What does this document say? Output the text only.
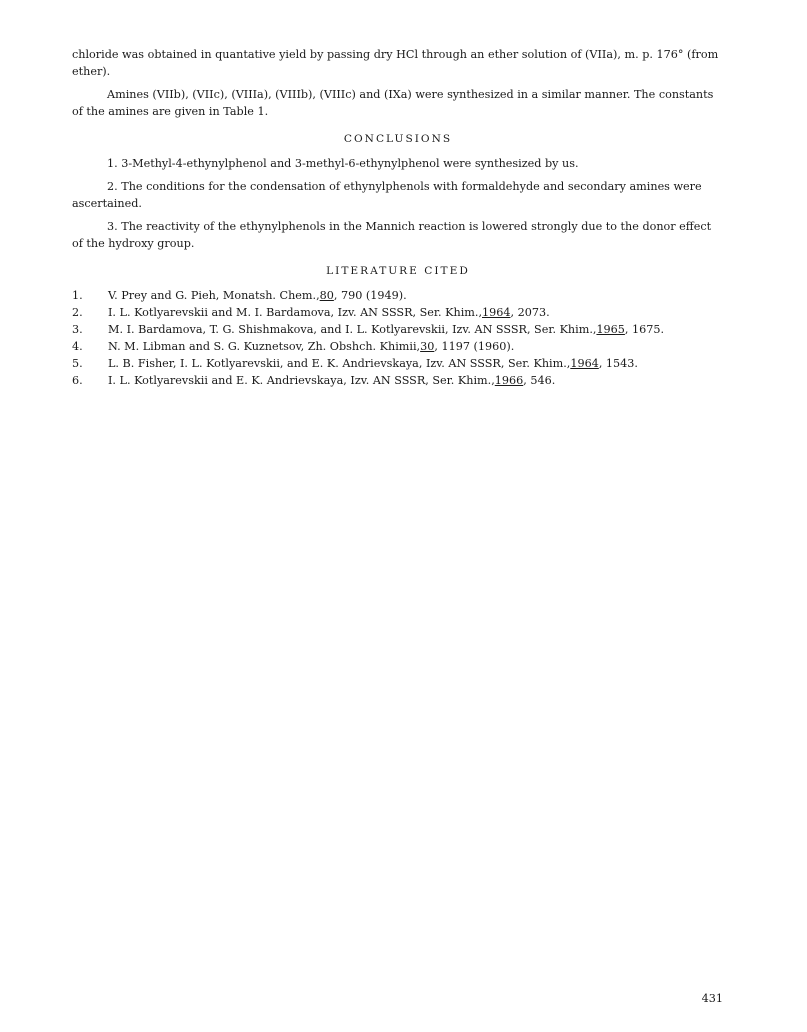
chloride was obtained in quantative yield by passing dry HCl through an ether solution of (VIIa), m. p. 176° (from ether).

Amines (VIIb), (VIIc), (VIIIa), (VIIIb), (VIIIc) and (IXa) were synthesized in a similar manner. The constants of the amines are given in Table 1.

CONCLUSIONS

1. 3-Methyl-4-ethynylphenol and 3-methyl-6-ethynylphenol were synthesized by us.

2. The conditions for the condensation of ethynylphenols with formaldehyde and secondary amines were ascertained.

3. The reactivity of the ethynylphenols in the Mannich reaction is lowered strongly due to the donor effect of the hydroxy group.

LITERATURE CITED
1.	V. Prey and G. Pieh, Monatsh. Chem.,80, 790 (1949).
2.	I. L. Kotlyarevskii and M. I. Bardamova, Izv. AN SSSR, Ser. Khim.,1964, 2073.
3.	M. I. Bardamova, T. G. Shishmakova, and I. L. Kotlyarevskii, Izv. AN SSSR, Ser. Khim.,1965, 1675.
4.	N. M. Libman and S. G. Kuznetsov, Zh. Obshch. Khimii,30, 1197 (1960).
5.	L. B. Fisher, I. L. Kotlyarevskii, and E. K. Andrievskaya, Izv. AN SSSR, Ser. Khim.,1964, 1543.
6.	I. L. Kotlyarevskii and E. K. Andrievskaya, Izv. AN SSSR, Ser. Khim.,1966, 546.
431
